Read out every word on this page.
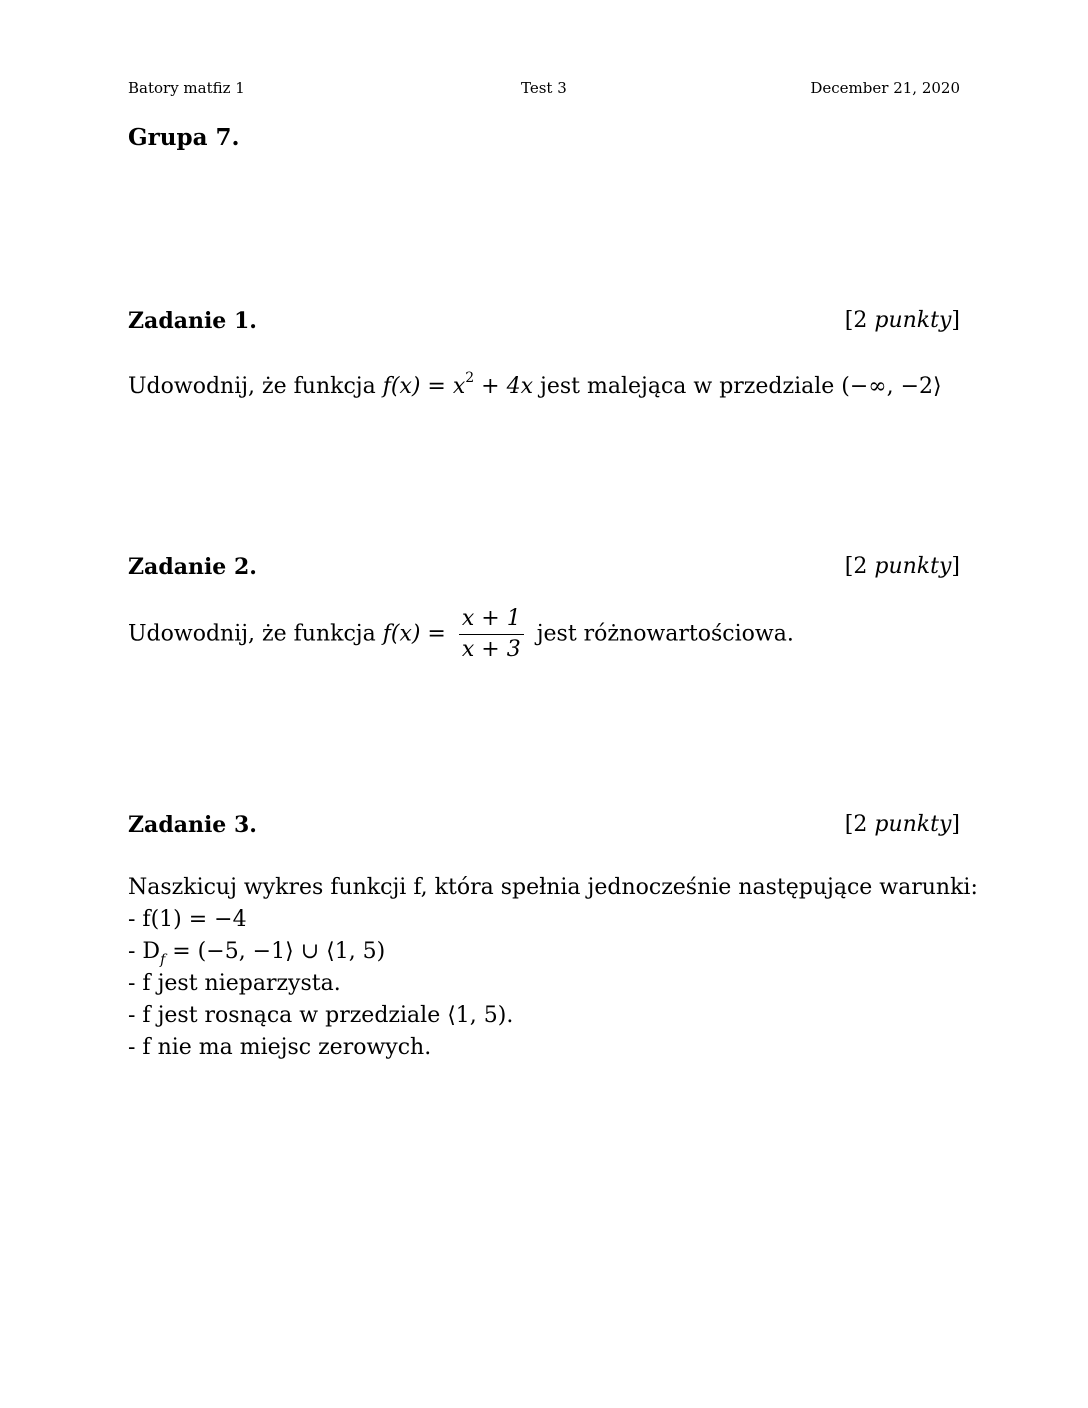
Batory matfiz 1	Test 3	December 21, 2020
Grupa 7.
Zadanie 1.	[2 punkty]
Udowodnij, że funkcja $f(x) = x^2 + 4x$ jest malejąca w przedziale (−∞, −2⟩
Zadanie 2.	[2 punkty]
Udowodnij, że funkcja $f(x) = \frac{x + 1}{x + 3}$ jest różnowartościowa.
Zadanie 3.	[2 punkty]
Naszkicuj wykres funkcji f, która spełnia jednocześnie następujące warunki:
- f(1) = −4
- $D_f = (-5$, −1⟩ ∪ ⟨1, 5)
- f jest nieparzysta.
- f jest rosnąca w przedziale ⟨1, 5).
- f nie ma miejsc zerowych.
